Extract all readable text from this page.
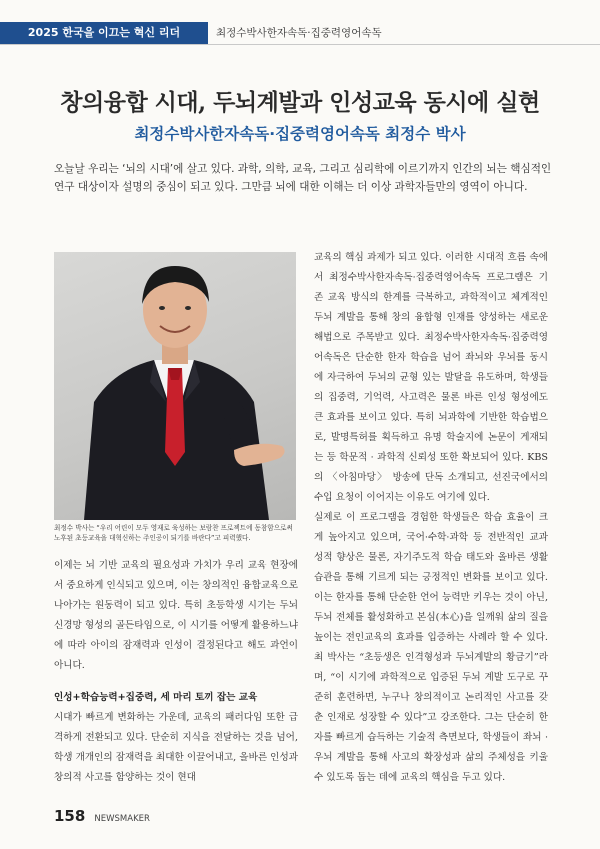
2025 한국을 이끄는 혁신 리더	최정수박사한자속독·집중력영어속독
창의융합 시대, 두뇌계발과 인성교육 동시에 실현
최정수박사한자속독·집중력영어속독 최정수 박사
오늘날 우리는 ‘뇌의 시대’에 살고 있다. 과학, 의학, 교육, 그리고 심리학에 이르기까지 인간의 뇌는 핵심적인 연구 대상이자 설명의 중심이 되고 있다. 그만큼 뇌에 대한 이해는 더 이상 과학자들만의 영역이 아니다.
최정수 박사는 “우리 어린이 모두 영재로 육성하는 보람찬 프로젝트에 동참함으로써 노후된 초등교육을 대혁신하는 주인공이 되기를 바란다”고 피력했다.

이제는 뇌 기반 교육의 필요성과 가치가 우리 교육 현장에서 중요하게 인식되고 있으며, 이는 창의적인 융합교육으로 나아가는 원동력이 되고 있다. 특히 초등학생 시기는 두뇌 신경망 형성의 골든타임으로, 이 시기를 어떻게 활용하느냐에 따라 아이의 잠재력과 인성이 결정된다고 해도 과언이 아니다.

인성+학습능력+집중력, 세 마리 토끼 잡는 교육

시대가 빠르게 변화하는 가운데, 교육의 패러다임 또한 급격하게 전환되고 있다. 단순히 지식을 전달하는 것을 넘어, 학생 개개인의 잠재력을 최대한 이끌어내고, 올바른 인성과 창의적 사고를 함양하는 것이 현대

교육의 핵심 과제가 되고 있다. 이러한 시대적 흐름 속에서 최정수박사한자속독·집중력영어속독 프로그램은 기존 교육 방식의 한계를 극복하고, 과학적이고 체계적인 두뇌 계발을 통해 창의 융합형 인재를 양성하는 새로운 해법으로 주목받고 있다. 최정수박사한자속독·집중력영어속독은 단순한 한자 학습을 넘어 좌뇌와 우뇌를 동시에 자극하여 두뇌의 균형 있는 발달을 유도하며, 학생들의 집중력, 기억력, 사고력은 물론 바른 인성 형성에도 큰 효과를 보이고 있다. 특히 뇌과학에 기반한 학습법으로, 발명특허를 획득하고 유명 학술지에 논문이 게재되는 등 학문적 · 과학적 신뢰성 또한 확보되어 있다. KBS의 〈아침마당〉 방송에 단독 소개되고, 선진국에서의 수입 요청이 이어지는 이유도 여기에 있다.

실제로 이 프로그램을 경험한 학생들은 학습 효율이 크게 높아지고 있으며, 국어·수학·과학 등 전반적인 교과 성적 향상은 물론, 자기주도적 학습 태도와 올바른 생활 습관을 통해 기르게 되는 긍정적인 변화를 보이고 있다. 이는 한자를 통해 단순한 언어 능력만 키우는 것이 아닌, 두뇌 전체를 활성화하고 본심(本心)을 일깨워 삶의 질을 높이는 전인교육의 효과를 입증하는 사례라 할 수 있다. 최 박사는 “초등생은 인격형성과 두뇌계발의 황금기”라며, “이 시기에 과학적으로 입증된 두뇌 계발 도구로 꾸준히 훈련하면, 누구나 창의적이고 논리적인 사고를 갖춘 인재로 성장할 수 있다”고 강조한다. 그는 단순히 한자를 빠르게 습득하는 기술적 측면보다, 학생들이 좌뇌 · 우뇌 계발을 통해 사고의 확장성과 삶의 주체성을 키울 수 있도록 돕는 데에 교육의 핵심을 두고 있다.

158 NEWSMAKER
